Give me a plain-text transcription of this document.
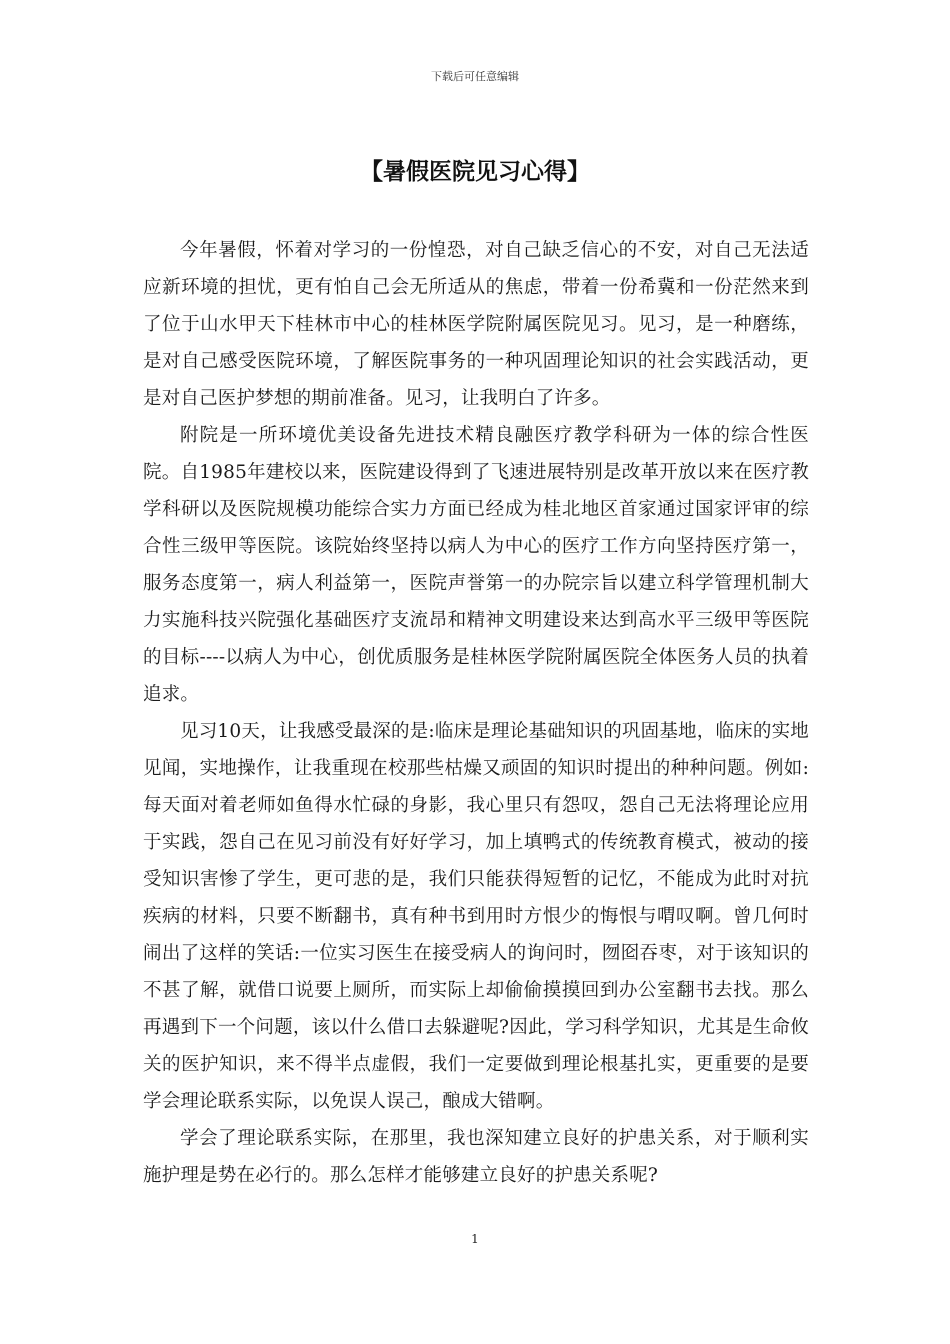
下载后可任意编辑
【暑假医院见习心得】

今年暑假，怀着对学习的一份惶恐，对自己缺乏信心的不安，对自己无法适应新环境的担忧，更有怕自己会无所适从的焦虑，带着一份希冀和一份茫然来到了位于山水甲天下桂林市中心的桂林医学院附属医院见习。见习，是一种磨练，是对自己感受医院环境，了解医院事务的一种巩固理论知识的社会实践活动，更是对自己医护梦想的期前准备。见习，让我明白了许多。

附院是一所环境优美设备先进技术精良融医疗教学科研为一体的综合性医院。自1985年建校以来，医院建设得到了飞速进展特别是改革开放以来在医疗教学科研以及医院规模功能综合实力方面已经成为桂北地区首家通过国家评审的综合性三级甲等医院。该院始终坚持以病人为中心的医疗工作方向坚持医疗第一，服务态度第一，病人利益第一，医院声誉第一的办院宗旨以建立科学管理机制大力实施科技兴院强化基础医疗支流昂和精神文明建设来达到高水平三级甲等医院的目标----以病人为中心，创优质服务是桂林医学院附属医院全体医务人员的执着追求。

见习10天，让我感受最深的是:临床是理论基础知识的巩固基地，临床的实地见闻，实地操作，让我重现在校那些枯燥又顽固的知识时提出的种种问题。例如:每天面对着老师如鱼得水忙碌的身影，我心里只有怨叹，怨自己无法将理论应用于实践，怨自己在见习前没有好好学习，加上填鸭式的传统教育模式，被动的接受知识害惨了学生，更可悲的是，我们只能获得短暂的记忆，不能成为此时对抗疾病的材料，只要不断翻书，真有种书到用时方恨少的悔恨与喟叹啊。曾几何时闹出了这样的笑话:一位实习医生在接受病人的询问时，囫囵吞枣，对于该知识的不甚了解，就借口说要上厕所，而实际上却偷偷摸摸回到办公室翻书去找。那么再遇到下一个问题，该以什么借口去躲避呢?因此，学习科学知识，尤其是生命攸关的医护知识，来不得半点虚假，我们一定要做到理论根基扎实，更重要的是要学会理论联系实际，以免误人误己，酿成大错啊。

学会了理论联系实际，在那里，我也深知建立良好的护患关系，对于顺利实施护理是势在必行的。那么怎样才能够建立良好的护患关系呢?

1
